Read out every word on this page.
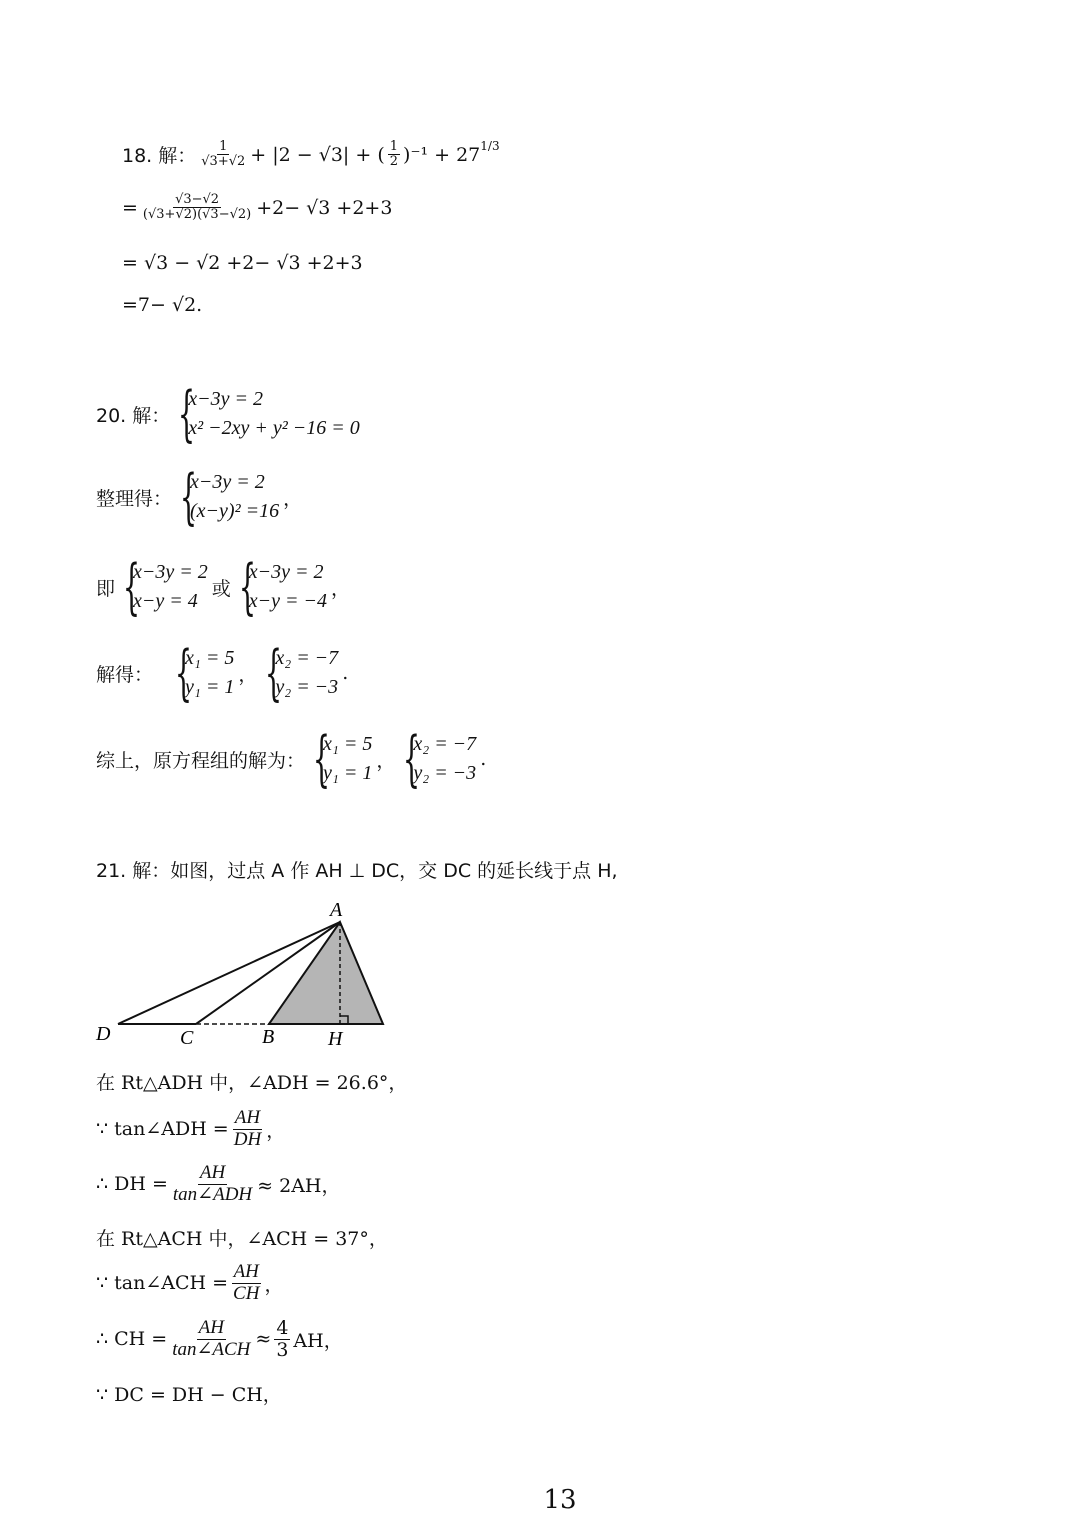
18. 解： $\frac{1}{√3+√2} + |2 - √3|$ + ( $\frac{1}{2} )^{-1} + 27$ 1/3
= $\frac{√3-√2}{(√3+√2)(√3-√2)} +2- √3 +2+3$
= √3 − √2 +2− √3 +2+3
=7− √2.
20. 解： {
x−3y = 2
x² −2xy + y² −16 = 0
整理得： {
x−3y = 2
(x−y)² =16
，
即 {
x−3y = 2
x−y = 4
或 {
x−3y = 2
x−y = −4
，
解得： {
x₁ = 5
y₁ = 1
， {
x₂ = −7
y₂ = −3
.
综上，原方程组的解为： {
x₁ = 5
y₁ = 1
， {
x₂ = −7
y₂ = −3
.
21. 解：如图，过点 A 作 AH ⊥ DC，交 DC 的延长线于点 H,
A
D	C	B	H
在 Rt△ADH 中，∠ADH = 26.6°，
∵ tan∠ADH = $\frac{AH}{DH}$ ，
∴ DH = $\frac{AH}{\text{tan∠ADH}} \approx 2AH$，
在 Rt△ACH 中，∠ACH = 37°，
∵ tan∠ACH = $\frac{AH}{CH}$ ，
∴ CH = $\frac{AH}{\text{tan∠ACH}} \approx \frac{4}{3}$ AH，
∵ DC = DH − CH，
13
